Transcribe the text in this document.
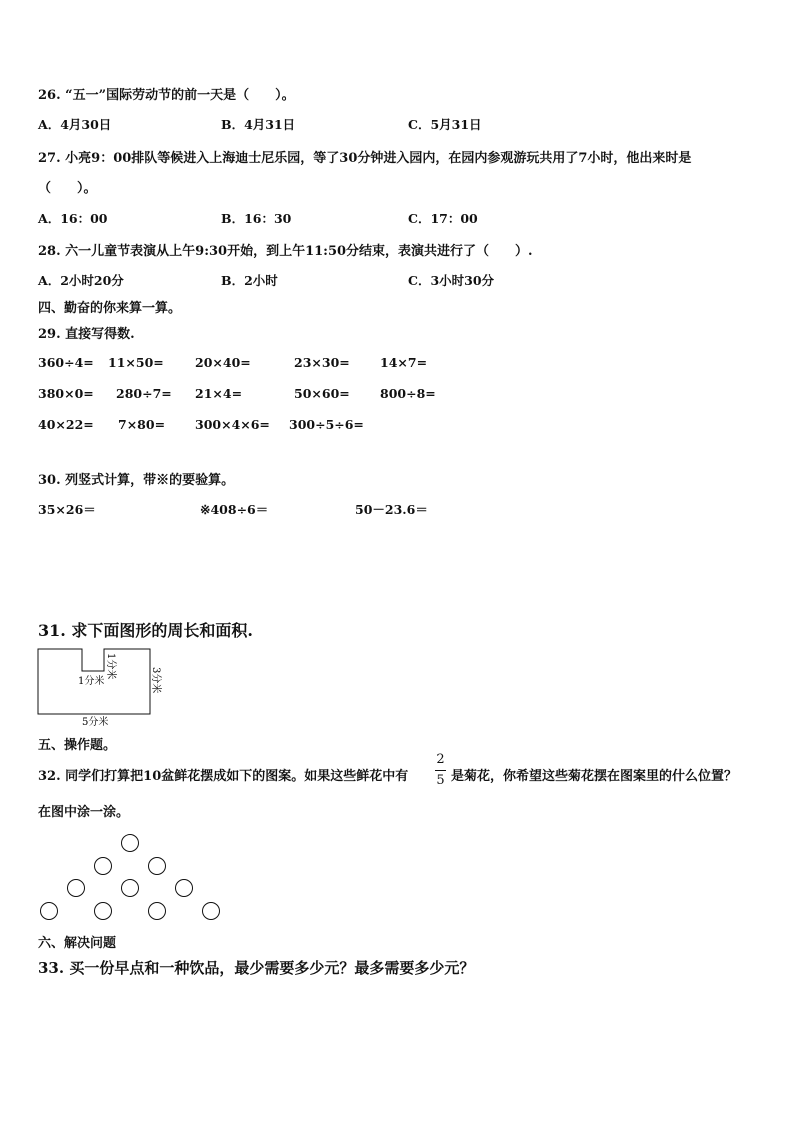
26. “五一”国际劳动节的前一天是（　　）。
A．4月30日	B．4月31日	C．5月31日
27. 小亮9：00排队等候进入上海迪士尼乐园，等了30分钟进入园内，在园内参观游玩共用了7小时，他出来时是
（　　）。
A．16：00	B．16：30	C．17：00
28. 六一儿童节表演从上午9:30开始，到上午11:50分结束，表演共进行了（　　）.
A．2小时20分	B．2小时	C．3小时30分
四、勤奋的你来算一算。
29. 直接写得数.
360÷4= 11×50=	20×40=	23×30= 14×7=
380×0= 280÷7= 21×4=	50×60= 800÷8=
40×22= 7×80= 300×4×6= 300÷5÷6=
30. 列竖式计算，带※的要验算。
35×26＝	※408÷6＝	50－23.6＝
31. 求下面图形的周长和面积.
1分米
1分米
3分米
5分米
五、操作题。
32. 同学们打算把10盆鲜花摆成如下的图案。如果这些鲜花中有
2
5 是菊花，你希望这些菊花摆在图案里的什么位置？
在图中涂一涂。
六、解决问题
33. 买一份早点和一种饮品，最少需要多少元？最多需要多少元？
